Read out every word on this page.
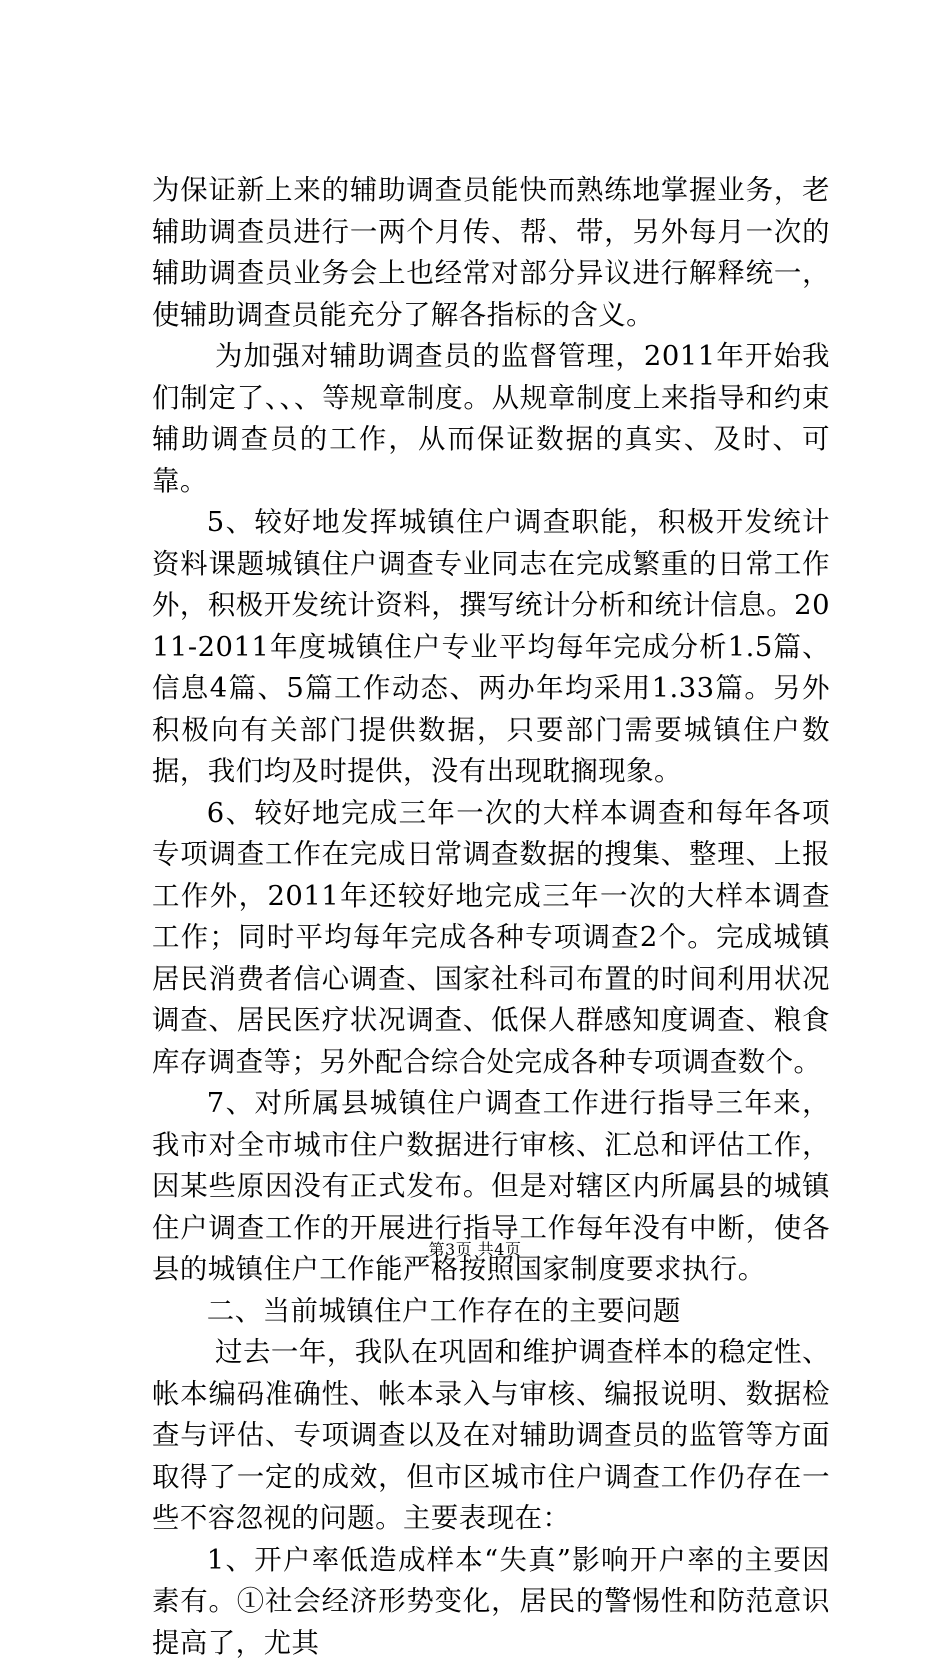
为保证新上来的辅助调查员能快而熟练地掌握业务，老辅助调查员进行一两个月传、帮、带，另外每月一次的辅助调查员业务会上也经常对部分异议进行解释统一，使辅助调查员能充分了解各指标的含义。

为加强对辅助调查员的监督管理，2011年开始我们制定了、、、等规章制度。从规章制度上来指导和约束辅助调查员的工作，从而保证数据的真实、及时、可靠。

5、较好地发挥城镇住户调查职能，积极开发统计资料课题城镇住户调查专业同志在完成繁重的日常工作外，积极开发统计资料，撰写统计分析和统计信息。2011-2011年度城镇住户专业平均每年完成分析1.5篇、信息4篇、5篇工作动态、两办年均采用1.33篇。另外积极向有关部门提供数据，只要部门需要城镇住户数据，我们均及时提供，没有出现耽搁现象。

6、较好地完成三年一次的大样本调查和每年各项专项调查工作在完成日常调查数据的搜集、整理、上报工作外，2011年还较好地完成三年一次的大样本调查工作；同时平均每年完成各种专项调查2个。完成城镇居民消费者信心调查、国家社科司布置的时间利用状况调查、居民医疗状况调查、低保人群感知度调查、粮食库存调查等；另外配合综合处完成各种专项调查数个。

7、对所属县城镇住户调查工作进行指导三年来，我市对全市城市住户数据进行审核、汇总和评估工作，因某些原因没有正式发布。但是对辖区内所属县的城镇住户调查工作的开展进行指导工作每年没有中断，使各县的城镇住户工作能严格按照国家制度要求执行。

二、当前城镇住户工作存在的主要问题

过去一年，我队在巩固和维护调查样本的稳定性、帐本编码准确性、帐本录入与审核、编报说明、数据检查与评估、专项调查以及在对辅助调查员的监管等方面取得了一定的成效，但市区城市住户调查工作仍存在一些不容忽视的问题。主要表现在：

1、开户率低造成样本“失真”影响开户率的主要因素有。①社会经济形势变化，居民的警惕性和防范意识提高了，尤其

第3页 共4页
